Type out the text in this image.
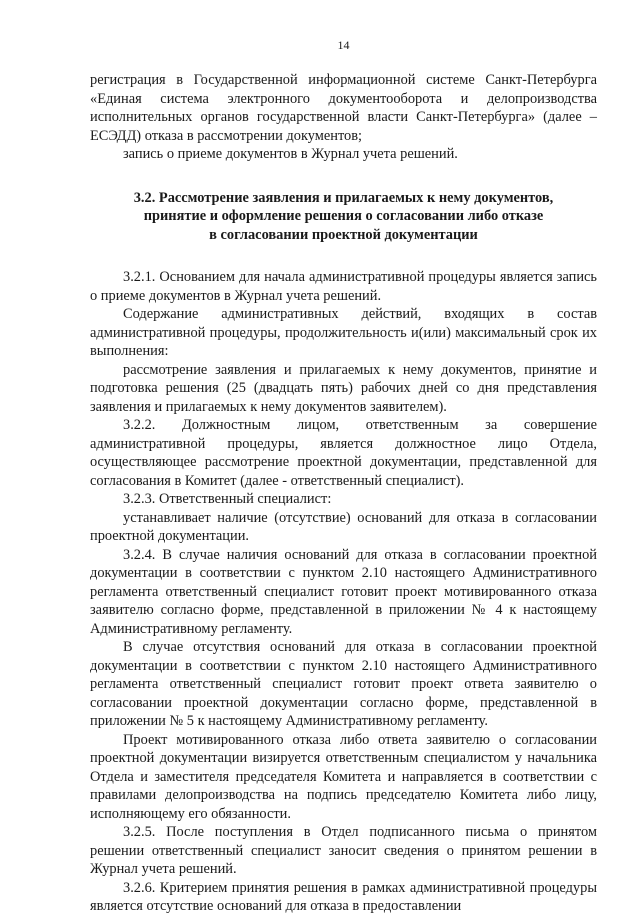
14

регистрация в Государственной информационной системе Санкт-Петербурга «Единая система электронного документооборота и делопроизводства исполнительных органов государственной власти Санкт-Петербурга» (далее – ЕСЭДД) отказа в рассмотрении документов;

запись о приеме документов в Журнал учета решений.

3.2. Рассмотрение заявления и прилагаемых к нему документов,
принятие и оформление решения о согласовании либо отказе
в согласовании проектной документации

3.2.1. Основанием для начала административной процедуры является запись о приеме документов в Журнал учета решений.

Содержание административных действий, входящих в состав административной процедуры, продолжительность и(или) максимальный срок их выполнения:

рассмотрение заявления и прилагаемых к нему документов, принятие и подготовка решения (25 (двадцать пять) рабочих дней со дня представления заявления и прилагаемых к нему документов заявителем).

3.2.2. Должностным лицом, ответственным за совершение административной процедуры, является должностное лицо Отдела, осуществляющее рассмотрение проектной документации, представленной для согласования в Комитет (далее - ответственный специалист).

3.2.3. Ответственный специалист:

устанавливает наличие (отсутствие) оснований для отказа в согласовании проектной документации.

3.2.4. В случае наличия оснований для отказа в согласовании проектной документации в соответствии с пунктом 2.10 настоящего Административного регламента ответственный специалист готовит проект мотивированного отказа заявителю согласно форме, представленной в приложении № 4 к настоящему Административному регламенту.

В случае отсутствия оснований для отказа в согласовании проектной документации в соответствии с пунктом 2.10 настоящего Административного регламента ответственный специалист готовит проект ответа заявителю о согласовании проектной документации согласно форме, представленной в приложении № 5 к настоящему Административному регламенту.

Проект мотивированного отказа либо ответа заявителю о согласовании проектной документации визируется ответственным специалистом у начальника Отдела и заместителя председателя Комитета и направляется в соответствии с правилами делопроизводства на подпись председателю Комитета либо лицу, исполняющему его обязанности.

3.2.5. После поступления в Отдел подписанного письма о принятом решении ответственный специалист заносит сведения о принятом решении в Журнал учета решений.

3.2.6. Критерием принятия решения в рамках административной процедуры является отсутствие оснований для отказа в предоставлении
